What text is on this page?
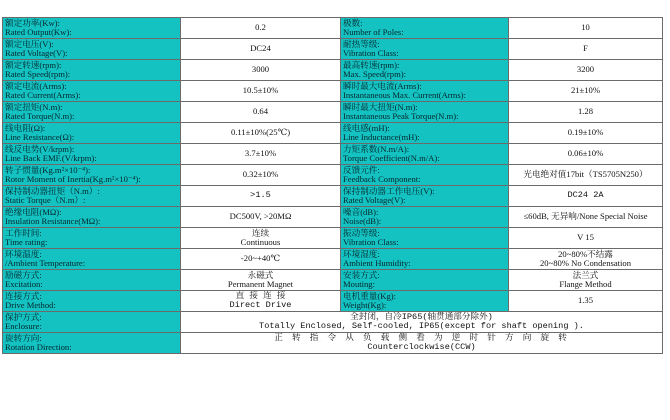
额定功率(Kw):
Rated Output(Kw):	0.2	极数:
Number of Poles:	10

额定电压(V):
Rated Voltage(V):	DC24	耐热等级:
Vibration Class:	F

额定转速(rpm):
Rated Speed(rpm):	3000	最高转速(rpm):
Max. Speed(rpm):	3200

额定电流(Arms):
Rated Current(Arms):	10.5±10%	瞬时最大电流(Arms):
Instantaneous Max. Current(Arms):	21±10%

额定扭矩(N.m):
Rated Torque(N.m):	0.64	瞬时最大扭矩(N.m):
Instantaneous Peak Torque(N.m):	1.28

线电阻(Ω):
Line Resistance(Ω):	0.11±10%(25℃)	线电感(mH):
Line Inductance(mH):	0.19±10%

线反电势(V/krpm):
Line Back EMF.(V/krpm):	3.7±10%	力矩系数(N.m/A):
Torque Coefficient(N.m/A):	0.06±10%

转子惯量(Kg.m²×10⁻⁴):
Rotor Moment of Inertia(Kg.m²×10⁻⁴):	0.32±10%	反馈元件:
Feedback Component:	光电绝对值17bit（TS5705N250）

保持制动器扭矩（N.m）:
Static Torque（N.m）:	>1.5	保持制动器工作电压(V):
Rated Voltage(V):	DC24 2A

绝缘电阻(MΩ):
Insulation Resistance(MΩ):	DC500V, >20MΩ	噪音(dB):
Noise(dB):	≤60dB, 无异响/None Special Noise

工作时间:
Time rating:	连续
Continuous	振动等级:
Vibration Class:	V 15

环境温度:
/Ambient Temperature:	-20~+40℃	环境湿度:
Ambient Humidity:	20~80%不结露
20~80% No Condensation

励磁方式:
Excitation:	永磁式
Permanent Magnet	安装方式:
Mouting:	法兰式
Flange Method

连接方式:
Drive Method:	直 接 连 接
Direct Drive	电机重量(Kg):
Weight(Kg):	1.35

保护方式:
Enclosure:	全封闭，自冷IP65(轴贯通部分除外)
Totally Enclosed, Self-cooled, IP65(except for shaft opening ).		

旋转方向:
Rotation Direction:	正 转 指 令 从 负 载 侧 看 为 逆 时 针 方 向 旋 转
Counterclockwise(CCW)		
